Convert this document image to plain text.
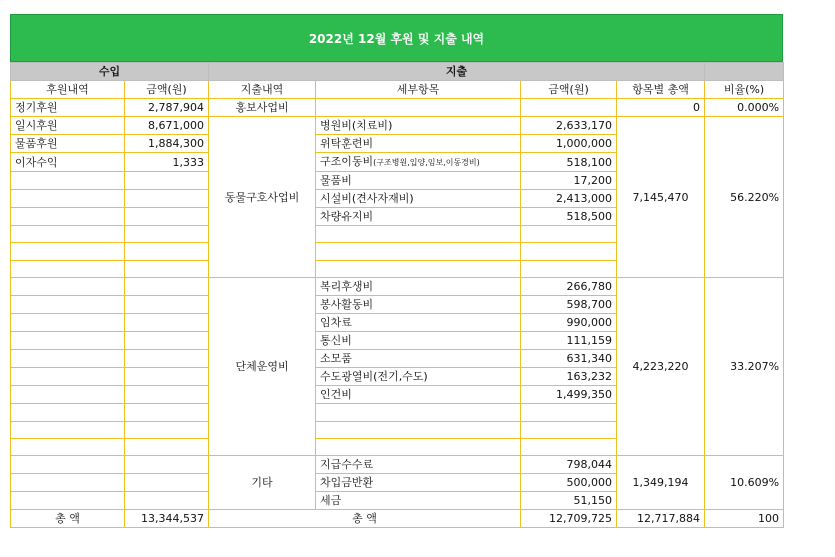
2022년 12월 후원 및 지출 내역
수입		지출				
후원내역	금액(원)	지출내역	세부항목	금액(원)	항목별 총액	비율(%)
정기후원	2,787,904	홍보사업비			0	0.000%
일시후원	8,671,000	동물구호사업비	병원비(치료비)	2,633,170	7,145,470	56.220%
물품후원	1,884,300		위탁훈련비	1,000,000		
이자수익	1,333		구조이동비(구조병원,입양,임보,이동경비)	518,100		
			물품비	17,200		
			시설비(견사자재비)	2,413,000		
			차량유지비	518,500		

		단체운영비	복리후생비	266,780	4,223,220	33.207%
			봉사활동비	598,700		
			임차료	990,000		
			통신비	111,159		
			소모품	631,340		
			수도광열비(전기,수도)	163,232		
			인건비	1,499,350		

		기타	지급수수료	798,044	1,349,194	10.609%
			차입금반환	500,000		
			세금	51,150		
총 액	13,344,537	총 액		12,709,725	12,717,884	100
